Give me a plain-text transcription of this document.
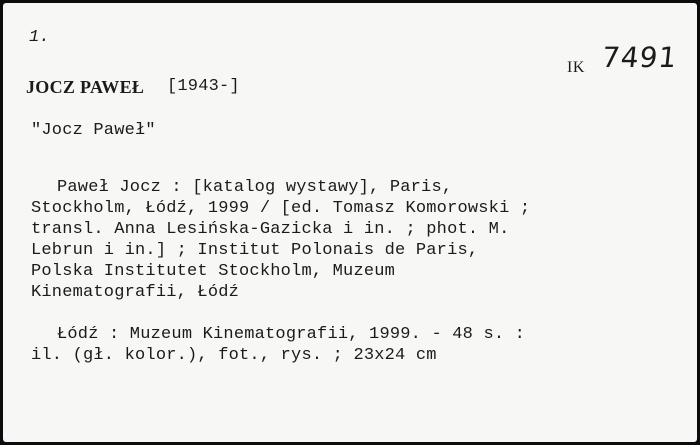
1.
IK 7491
JOCZ PAWEŁ [1943-]
"Jocz Paweł"
Paweł Jocz : [katalog wystawy], Paris,
Stockholm, Łódź, 1999 / [ed. Tomasz Komorowski ;
transl. Anna Lesińska-Gazicka i in. ; phot. M.
Lebrun i in.] ; Institut Polonais de Paris,
Polska Institutet Stockholm, Muzeum
Kinematografii, Łódź
Łódź : Muzeum Kinematografii, 1999. - 48 s. :
il. (gł. kolor.), fot., rys. ; 23x24 cm
